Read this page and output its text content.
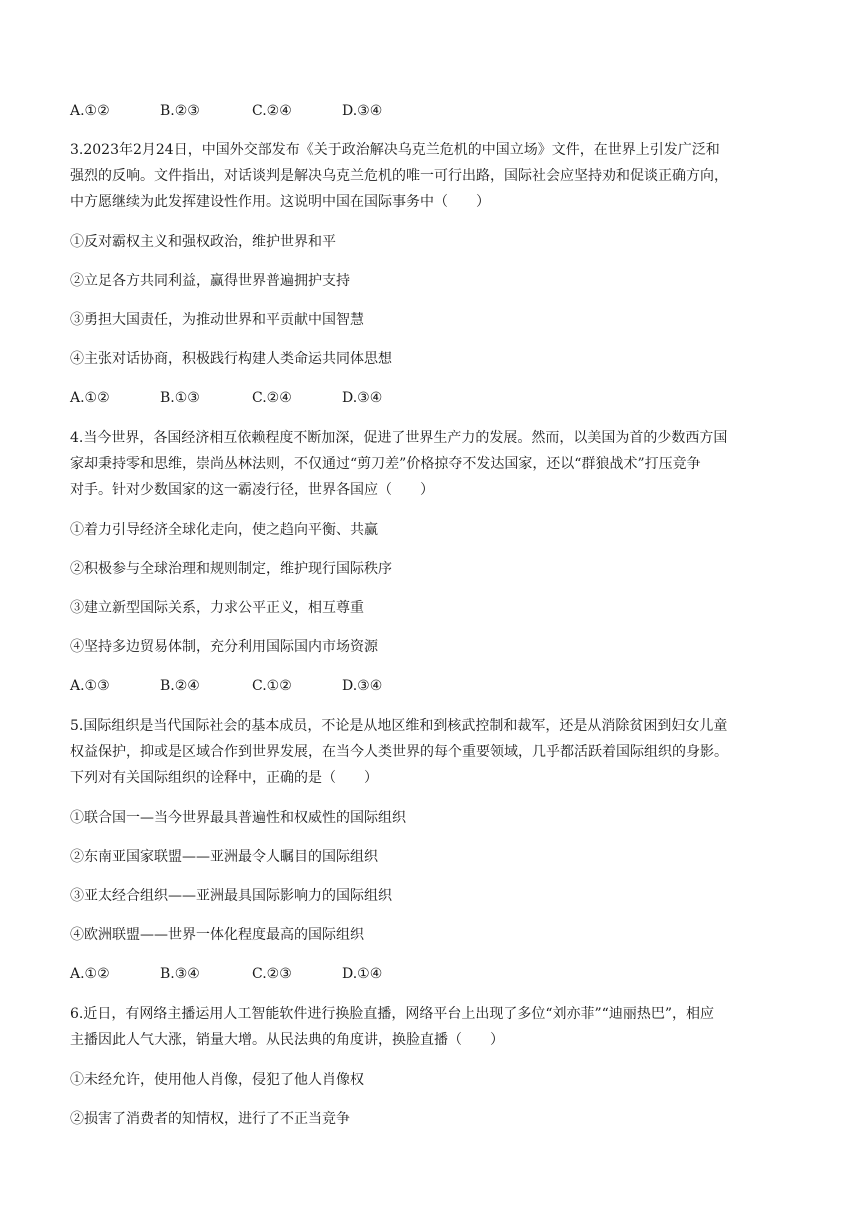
A.①②	B.②③	C.②④	D.③④
3.2023年2月24日，中国外交部发布《关于政治解决乌克兰危机的中国立场》文件，在世界上引发广泛和
强烈的反响。文件指出，对话谈判是解决乌克兰危机的唯一可行出路，国际社会应坚持劝和促谈正确方向，
中方愿继续为此发挥建设性作用。这说明中国在国际事务中（　　）
①反对霸权主义和强权政治，维护世界和平
②立足各方共同利益，赢得世界普遍拥护支持
③勇担大国责任，为推动世界和平贡献中国智慧
④主张对话协商，积极践行构建人类命运共同体思想
A.①②	B.①③	C.②④	D.③④
4.当今世界，各国经济相互依赖程度不断加深，促进了世界生产力的发展。然而，以美国为首的少数西方国
家却秉持零和思维，崇尚丛林法则，不仅通过“剪刀差”价格掠夺不发达国家，还以“群狼战术”打压竞争
对手。针对少数国家的这一霸凌行径，世界各国应（　　）
①着力引导经济全球化走向，使之趋向平衡、共赢
②积极参与全球治理和规则制定，维护现行国际秩序
③建立新型国际关系，力求公平正义，相互尊重
④坚持多边贸易体制，充分利用国际国内市场资源
A.①③	B.②④	C.①②	D.③④
5.国际组织是当代国际社会的基本成员，不论是从地区维和到核武控制和裁军，还是从消除贫困到妇女儿童
权益保护，抑或是区域合作到世界发展，在当今人类世界的每个重要领域，几乎都活跃着国际组织的身影。
下列对有关国际组织的诠释中，正确的是（　　）
①联合国一—当今世界最具普遍性和权威性的国际组织
②东南亚国家联盟——亚洲最令人瞩目的国际组织
③亚太经合组织——亚洲最具国际影响力的国际组织
④欧洲联盟——世界一体化程度最高的国际组织
A.①②	B.③④	C.②③	D.①④
6.近日，有网络主播运用人工智能软件进行换脸直播，网络平台上出现了多位“刘亦菲”“迪丽热巴”，相应
主播因此人气大涨，销量大增。从民法典的角度讲，换脸直播（　　）
①未经允许，使用他人肖像，侵犯了他人肖像权
②损害了消费者的知情权，进行了不正当竞争
